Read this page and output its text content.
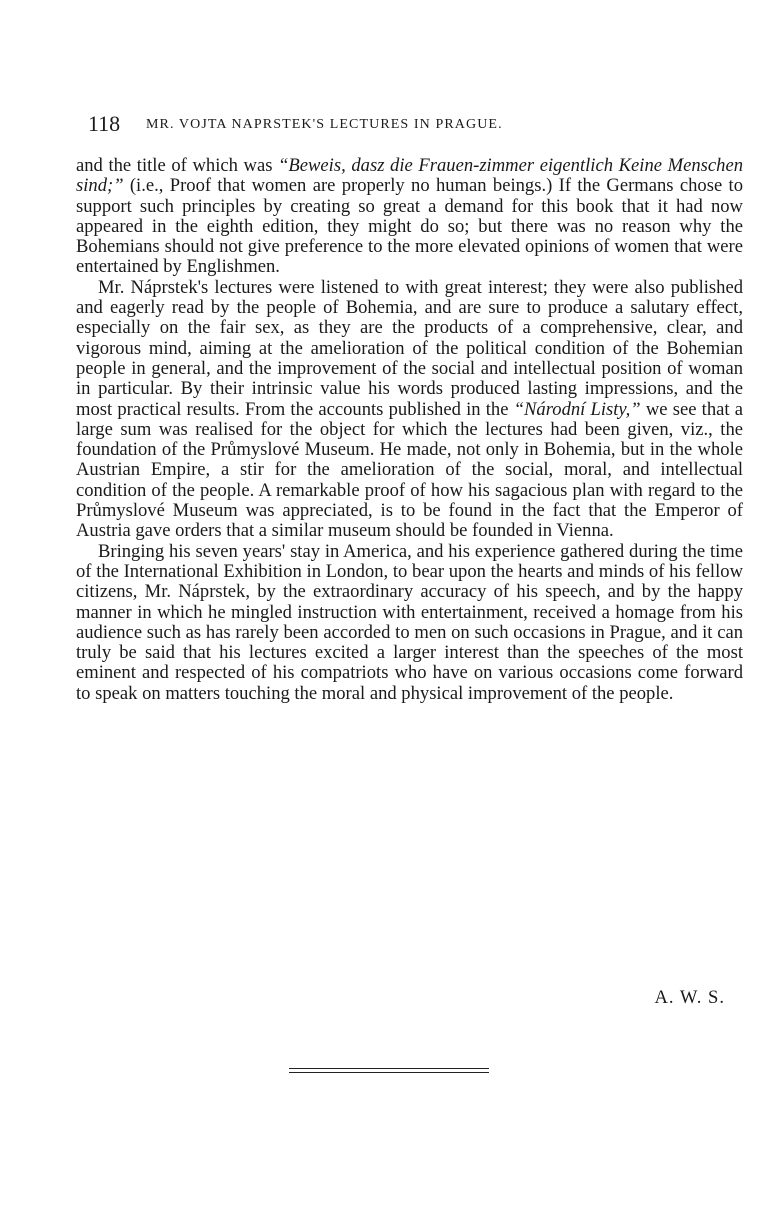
118 MR. VOJTA NAPRSTEK'S LECTURES IN PRAGUE.

and the title of which was “Beweis, dasz die Frauen-zimmer eigentlich Keine Menschen sind;” (i.e., Proof that women are properly no human beings.) If the Germans chose to support such principles by creating so great a demand for this book that it had now appeared in the eighth edition, they might do so; but there was no reason why the Bohemians should not give preference to the more elevated opinions of women that were entertained by Englishmen.

Mr. Náprstek's lectures were listened to with great interest; they were also published and eagerly read by the people of Bohemia, and are sure to produce a salutary effect, especially on the fair sex, as they are the products of a comprehensive, clear, and vigorous mind, aiming at the amelioration of the political condition of the Bohemian people in general, and the improvement of the social and intellectual position of woman in particular. By their intrinsic value his words produced lasting impressions, and the most practical results. From the accounts published in the “Národní Listy,” we see that a large sum was realised for the object for which the lectures had been given, viz., the foundation of the Průmyslové Museum. He made, not only in Bohemia, but in the whole Austrian Empire, a stir for the amelioration of the social, moral, and intellectual condition of the people. A remarkable proof of how his sagacious plan with regard to the Průmyslové Museum was appreciated, is to be found in the fact that the Emperor of Austria gave orders that a similar museum should be founded in Vienna.

Bringing his seven years' stay in America, and his experience gathered during the time of the International Exhibition in London, to bear upon the hearts and minds of his fellow citizens, Mr. Náprstek, by the extraordinary accuracy of his speech, and by the happy manner in which he mingled instruction with entertainment, received a homage from his audience such as has rarely been accorded to men on such occasions in Prague, and it can truly be said that his lectures excited a larger interest than the speeches of the most eminent and respected of his compatriots who have on various occasions come forward to speak on matters touching the moral and physical improvement of the people.

A. W. S.
